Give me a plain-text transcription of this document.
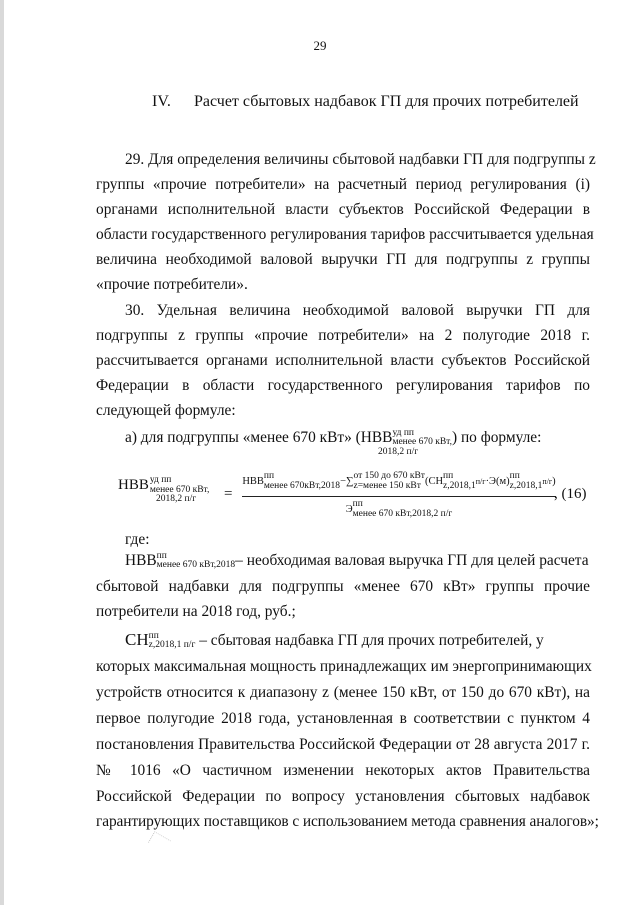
29
IV. Расчет сбытовых надбавок ГП для прочих потребителей
29. Для определения величины сбытовой надбавки ГП для подгруппы z
группы «прочие потребители» на расчетный период регулирования (i)
органами исполнительной власти субъектов Российской Федерации в
области государственного регулирования тарифов рассчитывается удельная
величина необходимой валовой выручки ГП для подгруппы z группы
«прочие потребители».
30. Удельная величина необходимой валовой выручки ГП для
подгруппы z группы «прочие потребители» на 2 полугодие 2018 г.
рассчитывается органами исполнительной власти субъектов Российской
Федерации в области государственного регулирования тарифов по
следующей формуле:
а) для подгруппы «менее 670 кВт» (НВВ уд пп
менее 670 кВт, ) по формуле:
2018,2 п/г
НВВ уд пп
менее 670 кВт,
2018,2 п/г	=
НВВ пп
менее 670кВт,2018 −∑ от 150 до 670 кВт
z=менее 150 кВт (СН пп
z,2018,1 п/г·Э(м) пп
z,2018,1 п/г)
Э пп
менее 670 кВт,2018,2 п/г
, (16)
где:
НВВ пп
менее 670 кВт,2018 – необходимая валовая выручка ГП для целей расчета
сбытовой надбавки для подгруппы «менее 670 кВт» группы прочие
потребители на 2018 год, руб.;
СН пп
z,2018,1 п/г – сбытовая надбавка ГП для прочих потребителей, у
которых максимальная мощность принадлежащих им энергопринимающих
устройств относится к диапазону z (менее 150 кВт, от 150 до 670 кВт), на
первое полугодие 2018 года, установленная в соответствии с пунктом 4
постановления Правительства Российской Федерации от 28 августа 2017 г.
№ 1016 «О частичном изменении некоторых актов Правительства
Российской Федерации по вопросу установления сбытовых надбавок
гарантирующих поставщиков с использованием метода сравнения аналогов»;
